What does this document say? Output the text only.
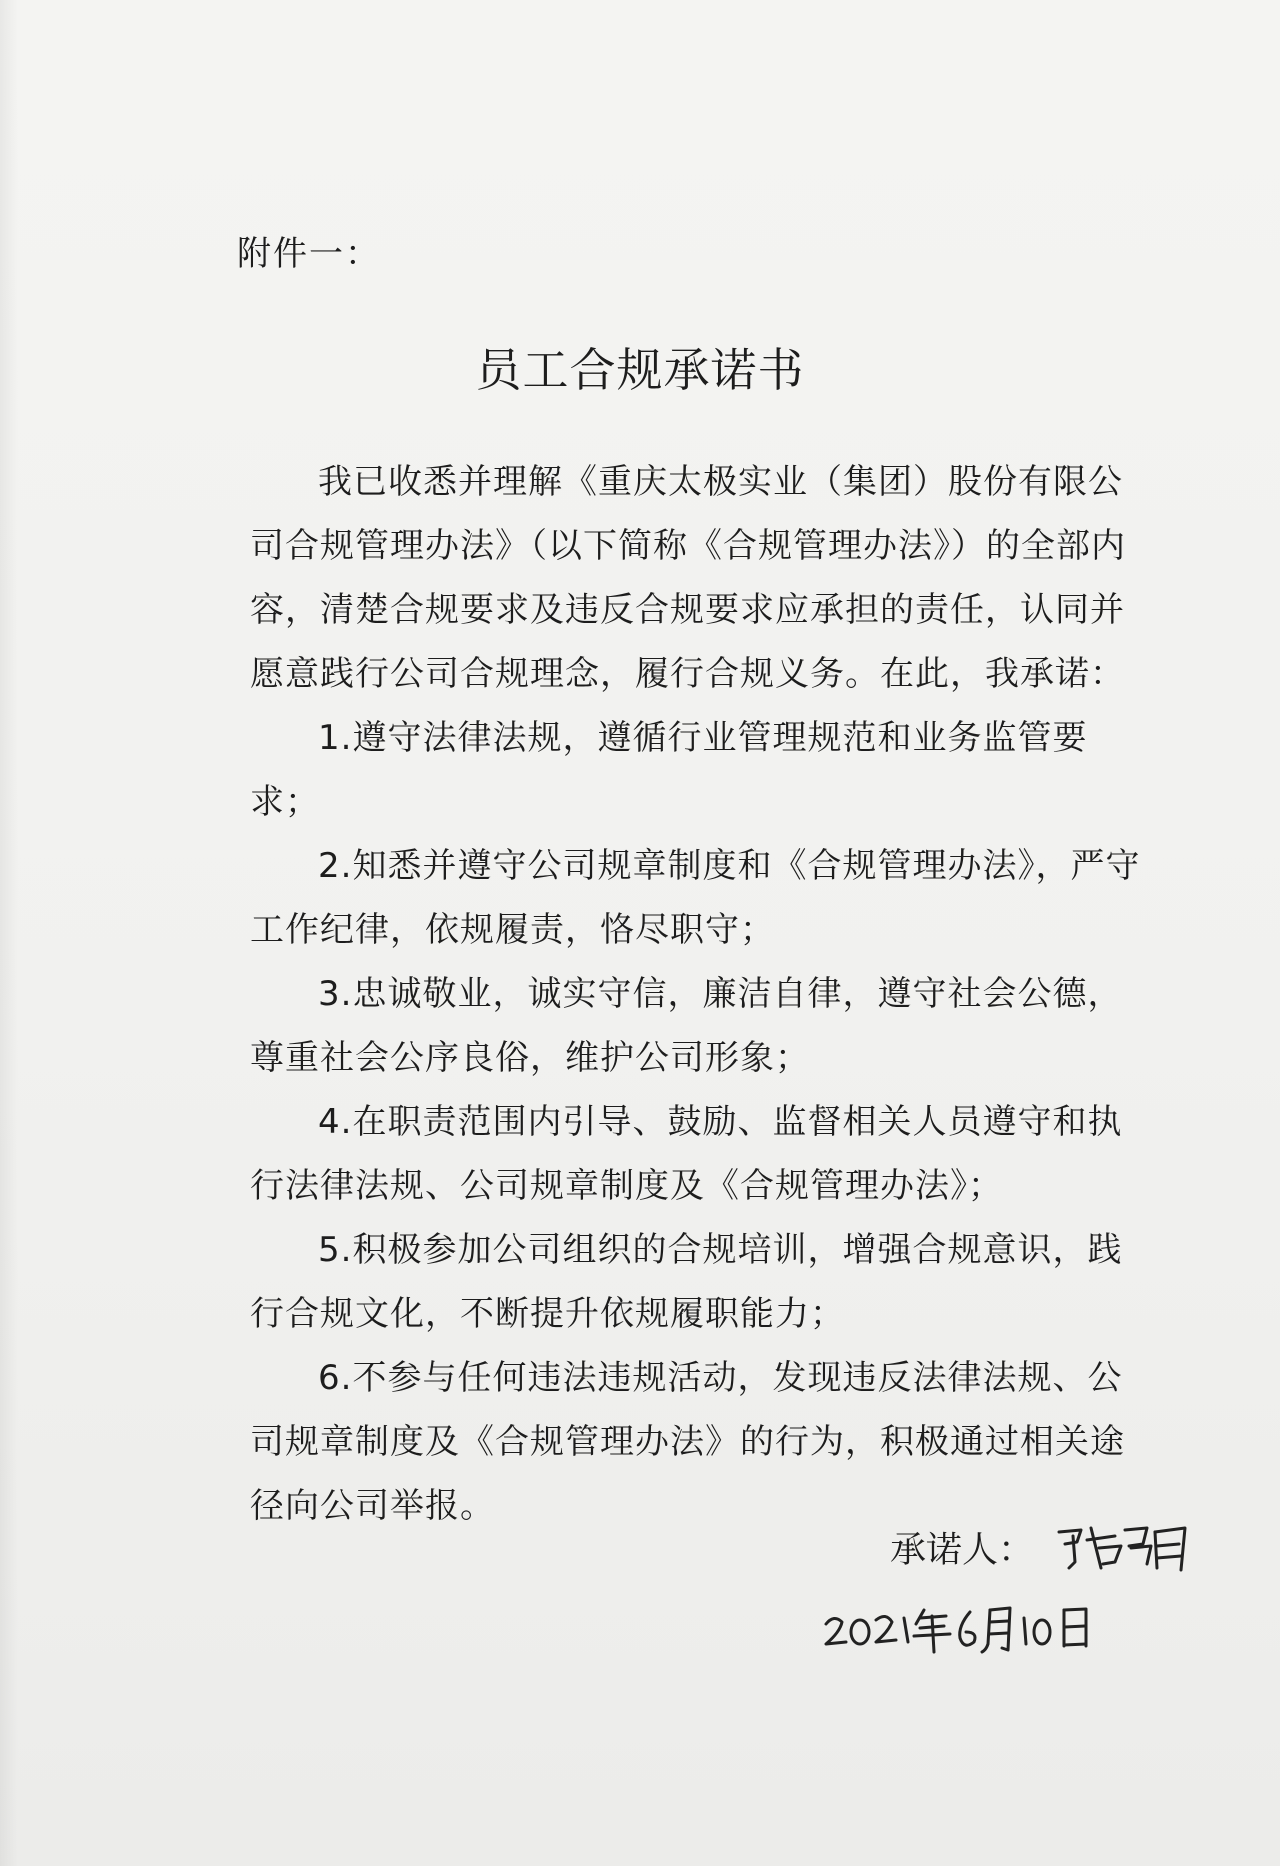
附件一：
员工合规承诺书

我已收悉并理解《重庆太极实业（集团）股份有限公司合规管理办法》（以下简称《合规管理办法》）的全部内容，清楚合规要求及违反合规要求应承担的责任，认同并愿意践行公司合规理念，履行合规义务。在此，我承诺：

1.遵守法律法规，遵循行业管理规范和业务监管要求；

2.知悉并遵守公司规章制度和《合规管理办法》，严守工作纪律，依规履责，恪尽职守；

3.忠诚敬业，诚实守信，廉洁自律，遵守社会公德，尊重社会公序良俗，维护公司形象；

4.在职责范围内引导、鼓励、监督相关人员遵守和执行法律法规、公司规章制度及《合规管理办法》；

5.积极参加公司组织的合规培训，增强合规意识，践行合规文化，不断提升依规履职能力；

6.不参与任何违法违规活动，发现违反法律法规、公司规章制度及《合规管理办法》的行为，积极通过相关途径向公司举报。

承诺人：
